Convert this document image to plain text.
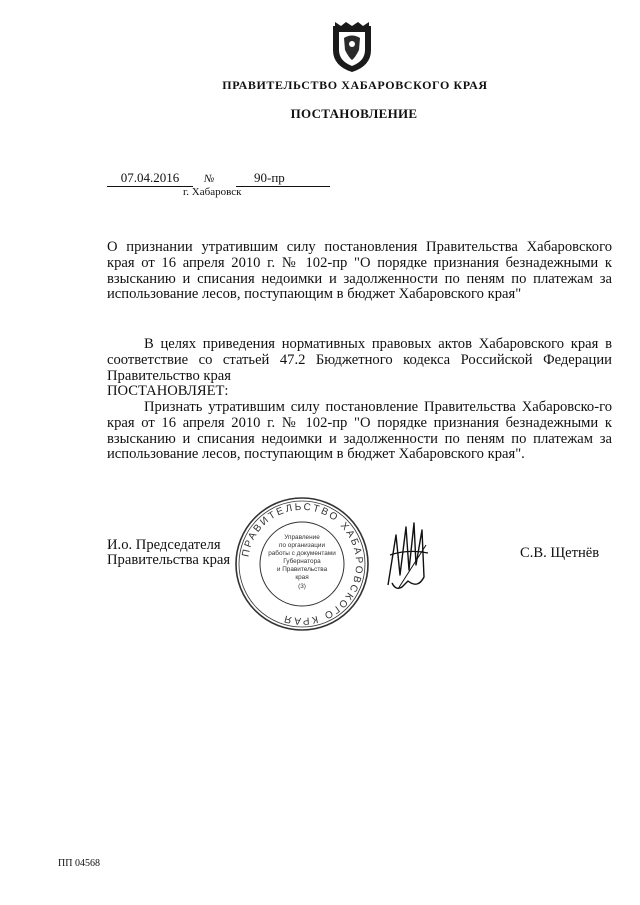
ПРАВИТЕЛЬСТВО ХАБАРОВСКОГО КРАЯ
ПОСТАНОВЛЕНИЕ
07.04.2016	№	90-пр
г. Хабаровск
О признании утратившим силу постановления Правительства Хабаровского края от 16 апреля 2010 г. № 102-пр "О порядке признания безнадежными к взысканию и списания недоимки и задолженности по пеням по платежам за использование лесов, поступающим в бюджет Хабаровского края"
В целях приведения нормативных правовых актов Хабаровского края в соответствие со статьей 47.2 Бюджетного кодекса Российской Федерации Правительство края
ПОСТАНОВЛЯЕТ:
Признать утратившим силу постановление Правительства Хабаровско-го края от 16 апреля 2010 г. № 102-пр "О порядке признания безнадежными к взысканию и списания недоимки и задолженности по пеням по платежам за использование лесов, поступающим в бюджет Хабаровского края".
И.о. Председателя
Правительства края	С.В. Щетнёв
ПРАВИТЕЛЬСТВО ХАБАРОВСКОГО КРАЯ
Управление
по организации
работы с документами
Губернатора
и Правительства
края
(3)
ПП 04568
